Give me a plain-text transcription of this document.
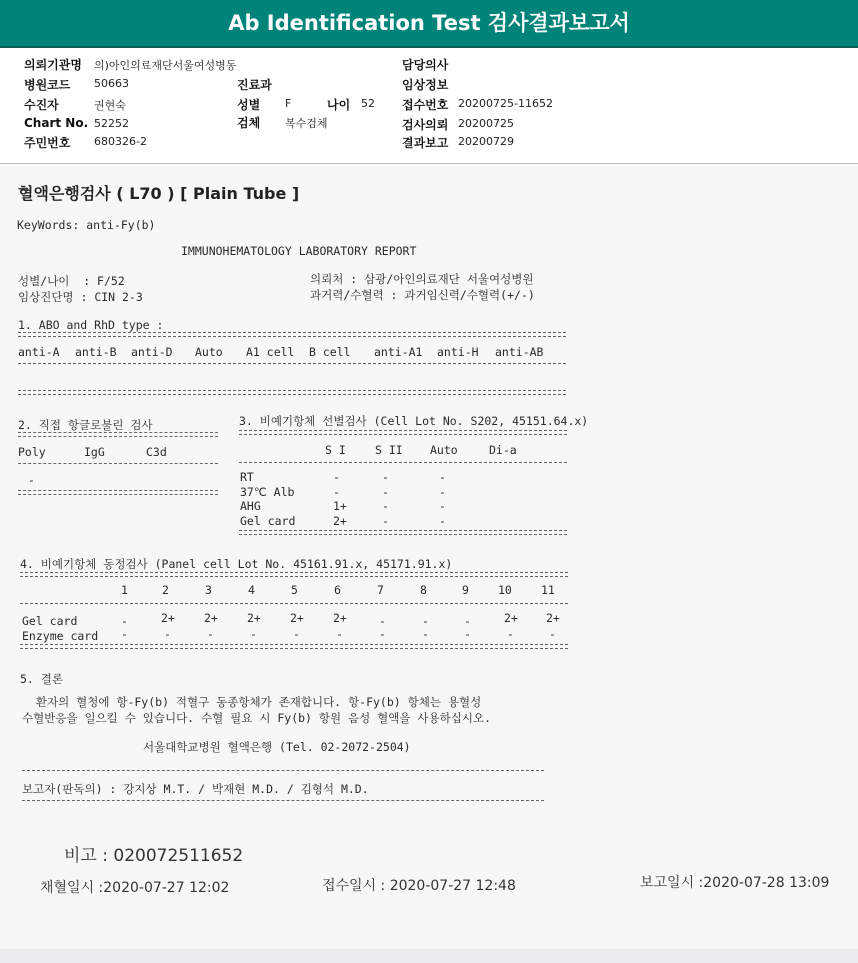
Ab Identification Test 검사결과보고서
의뢰기관명 의)아인의료재단서울여성병동
병원코드 50663
수진자	권현숙
Chart No. 52252
주민번호 680326-2
진료과
성별 F	나이 52
검체 복수검체
담당의사
임상정보
접수번호 20200725-11652
검사의뢰 20200725
결과보고 20200729
혈액은행검사 ( L70 ) [ Plain Tube ]
KeyWords: anti-Fy(b)
IMMUNOHEMATOLOGY LABORATORY REPORT
성별/나이  : F/52
임상진단명 : CIN 2-3
의뢰처 : 삼광/아인의료재단 서울여성병원
과거력/수혈력 : 과거임신력/수혈력(+/-)
1. ABO and RhD type :
anti-A anti-B anti-D Auto A1 cell B cell anti-A1 anti-H anti-AB
2. 직접 항글로불린 검사
Poly	IgG	C3d
-
3. 비예기항체 선별검사 (Cell Lot No. S202, 45151.64.x)
S I	S II Auto	Di-a
RT	-	-	-
37℃ Alb	-	-	-
AHG	1+	-	-
Gel card	2+	-	-
4. 비예기항체 동정검사 (Panel cell Lot No. 45161.91.x, 45171.91.x)
1	2	3	4	5	6	7	8	9	10	11
Gel card	-	2+	2+	2+	2+	2+	-	-	-	2+ 2+
Enzyme card -	-	-	-	-	-	-	-	-	-	-
5. 결론
환자의 혈청에 항-Fy(b) 적혈구 동종항체가 존재합니다. 항-Fy(b) 항체는 용혈성
수혈반응을 일으킬 수 있습니다. 수혈 필요 시 Fy(b) 항원 음성 혈액을 사용하십시오.
서울대학교병원 혈액은행 (Tel. 02-2072-2504)
보고자(판독의) : 강지상 M.T. / 박재현 M.D. / 김형석 M.D.
비고 : 020072511652
채혈일시 :2020-07-27 12:02	접수일시 : 2020-07-27 12:48	보고일시 :2020-07-28 13:09
